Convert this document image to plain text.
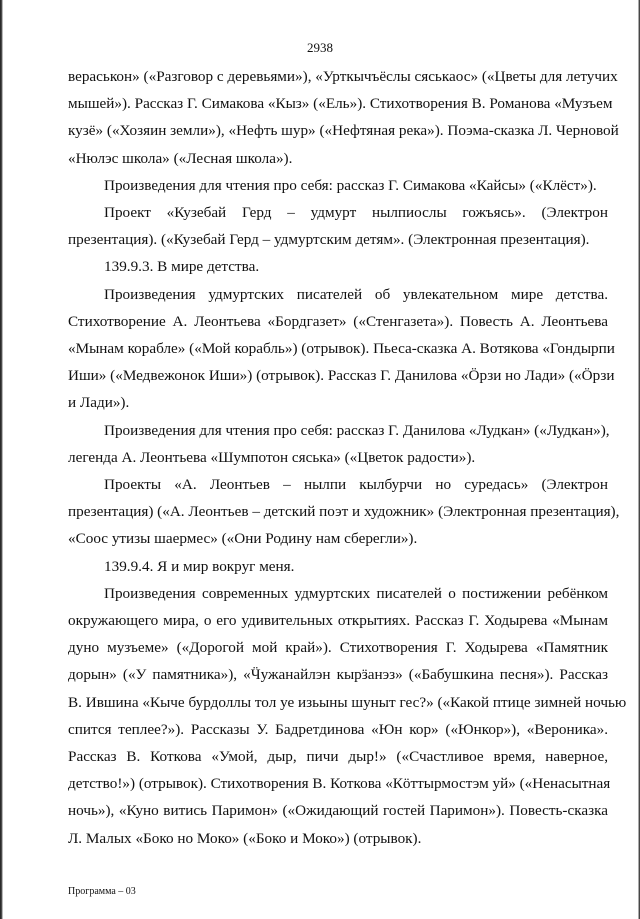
2938
вераськон» («Разговор с деревьями»), «Урткычъёслы сяськаос» («Цветы для летучих
мышей»). Рассказ Г. Симакова «Кыз» («Ель»). Стихотворения В. Романова «Музъем
кузё» («Хозяин земли»), «Нефть шур» («Нефтяная река»). Поэма-сказка Л. Черновой
«Нюлэс школа» («Лесная школа»).
Произведения для чтения про себя: рассказ Г. Симакова «Кайсы» («Клёст»).
Проект «Кузебай Герд – удмурт нылпиослы гожъясь». (Электрон
презентация). («Кузебай Герд – удмуртским детям». (Электронная презентация).
139.9.3. В мире детства.
Произведения удмуртских писателей об увлекательном мире детства.
Стихотворение А. Леонтьева «Бордгазет» («Стенгазета»). Повесть А. Леонтьева
«Мынам корабле» («Мой корабль») (отрывок). Пьеса-сказка А. Вотякова «Гондырпи
Иши» («Медвежонок Иши») (отрывок). Рассказ Г. Данилова «Ӧрзи но Лади» («Ӧрзи
и Лади»).
Произведения для чтения про себя: рассказ Г. Данилова «Лудкан» («Лудкан»),
легенда А. Леонтьева «Шумпотон сяська» («Цветок радости»).
Проекты «А. Леонтьев – нылпи кылбурчи но суредась» (Электрон
презентация) («А. Леонтьев – детский поэт и художник» (Электронная презентация),
«Соос утизы шаермес» («Они Родину нам сберегли»).
139.9.4. Я и мир вокруг меня.
Произведения современных удмуртских писателей о постижении ребёнком
окружающего мира, о его удивительных открытиях. Рассказ Г. Ходырева «Мынам
дуно музъеме» («Дорогой мой край»). Стихотворения Г. Ходырева «Памятник
дорын» («У памятника»), «Ӵужанайлэн кырӟанэз» («Бабушкина песня»). Рассказ
В. Ившина «Кыче бурдоллы тол уе изьыны шуныт гес?» («Какой птице зимней ночью
спится теплее?»). Рассказы У. Бадретдинова «Юн кор» («Юнкор»), «Вероника».
Рассказ В. Коткова «Умой, дыр, пичи дыр!» («Счастливое время, наверное,
детство!») (отрывок). Стихотворения В. Коткова «Кӧттырмостэм уй» («Ненасытная
ночь»), «Куно витись Паримон» («Ожидающий гостей Паримон»). Повесть-сказка
Л. Малых «Боко но Моко» («Боко и Моко») (отрывок).
Программа – 03
